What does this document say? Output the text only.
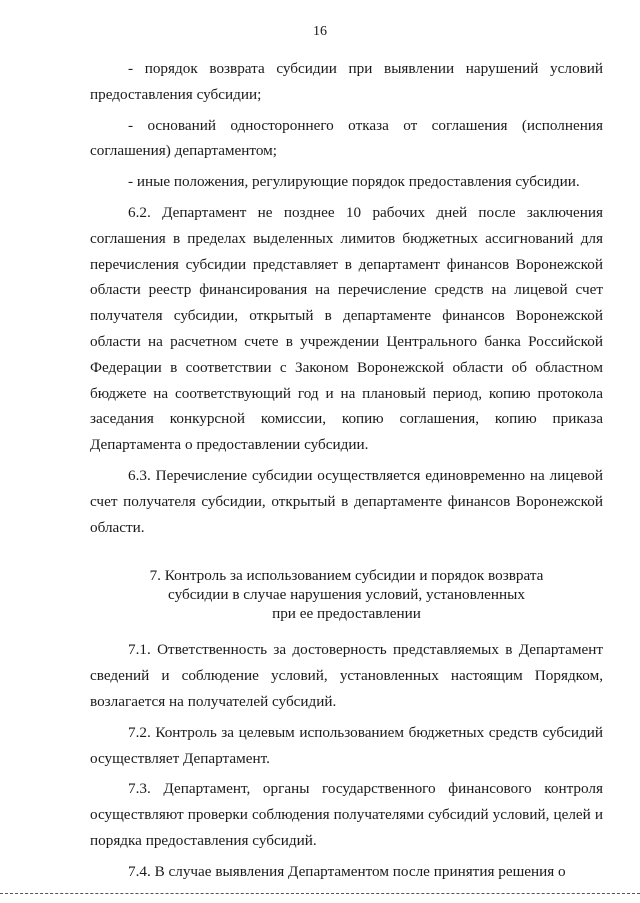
16

- порядок возврата субсидии при выявлении нарушений условий предоставления субсидии;

- оснований одностороннего отказа от соглашения (исполнения соглашения) департаментом;

- иные положения, регулирующие порядок предоставления субсидии.

6.2. Департамент не позднее 10 рабочих дней после заключения соглашения в пределах выделенных лимитов бюджетных ассигнований для перечисления субсидии представляет в департамент финансов Воронежской области реестр финансирования на перечисление средств на лицевой счет получателя субсидии, открытый в департаменте финансов Воронежской области на расчетном счете в учреждении Центрального банка Российской Федерации в соответствии с Законом Воронежской области об областном бюджете на соответствующий год и на плановый период, копию протокола заседания конкурсной комиссии, копию соглашения, копию приказа Департамента о предоставлении субсидии.

6.3. Перечисление субсидии осуществляется единовременно на лицевой счет получателя субсидии, открытый в департаменте финансов Воронежской области.

7. Контроль за использованием субсидии и порядок возврата
субсидии в случае нарушения условий, установленных
при ее предоставлении

7.1. Ответственность за достоверность представляемых в Департамент сведений и соблюдение условий, установленных настоящим Порядком, возлагается на получателей субсидий.

7.2. Контроль за целевым использованием бюджетных средств субсидий осуществляет Департамент.

7.3. Департамент, органы государственного финансового контроля осуществляют проверки соблюдения получателями субсидий условий, целей и порядка предоставления субсидий.

7.4. В случае выявления Департаментом после принятия решения о
